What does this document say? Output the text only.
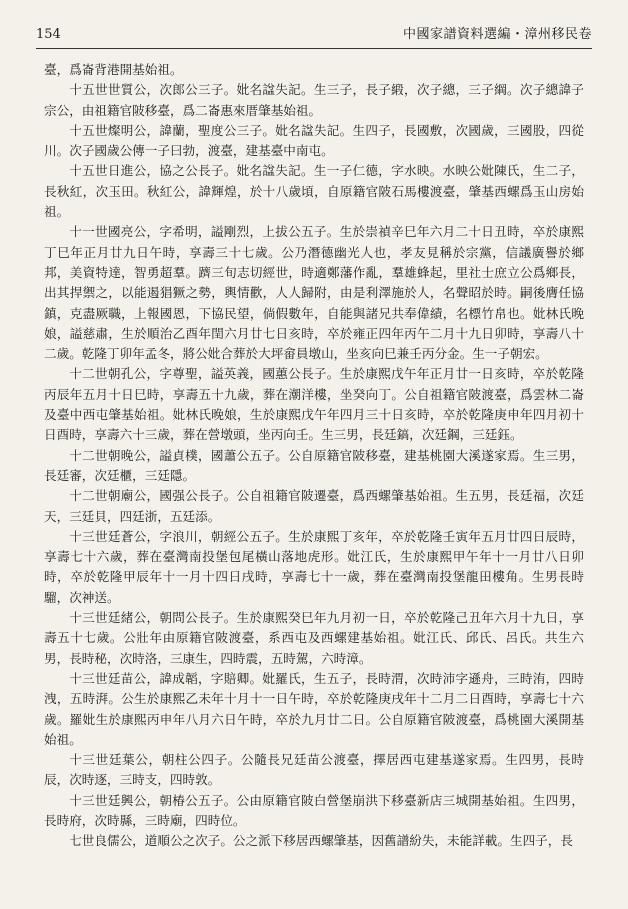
154	中國家譜資料選編・漳州移民卷

臺，爲崙背港開基始祖。

十五世世質公，次郎公三子。妣名諡失記。生三子，長子緞，次子總，三子綱。次子總諱子宗公，由祖籍官陂移臺，爲二崙惠來厝肇基始祖。

十五世燦明公，諱蘭，聖度公三子。妣名諡失記。生四子，長國敷，次國歲，三國股，四從川。次子國歲公傳一子曰勃，渡臺，建基臺中南屯。

十五世日進公，協之公長子。妣名諡失記。生一子仁德，字水映。水映公妣陳氏，生二子，長秋紅，次玉田。秋紅公，諱輝煌，於十八歲頃，自原籍官陂石馬樓渡臺，肇基西螺爲玉山房始祖。

十一世國亮公，字希明，謚剛烈，上拔公五子。生於崇禎辛巳年六月二十日丑時，卒於康熙丁巳年正月廿九日午時，享壽三十七歲。公乃潛德幽光人也，孝友見稱於宗黨，信議廣譽於鄉邦，美資特達，智勇超羣。躋三旬志切經世，時適鄭藩作亂，羣雄蜂起，里社士庶立公爲鄉長，出其捍禦之，以能遏猖獗之勢，輿情歡，人人歸附，由是利澤施於人，名聲昭於時。嗣後膺任協鎮，克盡厥職，上報國恩，下協民望，倘假數年，自能與諸兄共奉偉績，名標竹帛也。妣林氏晚娘，謚慈肅，生於順治乙酉年閏六月廿七日亥時，卒於雍正四年丙午二月十九日卯時，享壽八十二歲。乾隆丁卯年孟冬，將公妣合葬於大坪畲員墩山，坐亥向巳兼壬丙分金。生一子朝宏。

十二世朝孔公，字尊聖，謚英義，國蕙公長子。生於康熙戊午年正月廿一日亥時，卒於乾隆丙辰年五月十日巳時，享壽五十九歲，葬在潮洋樓，坐癸向丁。公自祖籍官陂渡臺，爲雲林二崙及臺中西屯肇基始祖。妣林氏晚娘，生於康熙戊午年四月三十日亥時，卒於乾隆庚申年四月初十日酉時，享壽六十三歲，葬在營墩頭，坐丙向壬。生三男，長廷鎬，次廷鋼，三廷鈺。

十二世朝晚公，謚貞樸，國蕭公五子。公自原籍官陂移臺，建基桃園大溪遂家焉。生三男，長廷審，次廷櫃，三廷隱。

十二世朝廟公，國强公長子。公自祖籍官陂遷臺，爲西螺肇基始祖。生五男，長廷福，次廷天，三廷貝，四廷浙，五廷添。

十三世廷蒼公，字浪川，朝經公五子。生於康熙丁亥年，卒於乾隆壬寅年五月廿四日辰時，享壽七十六歲，葬在臺灣南投堡包尾橫山落地虎形。妣江氏，生於康熙甲午年十一月廿八日卯時，卒於乾隆甲辰年十一月十四日戌時，享壽七十一歲，葬在臺灣南投堡龍田樓角。生男長時騮，次神送。

十三世廷緒公，朝問公長子。生於康熙癸巳年九月初一日，卒於乾隆己丑年六月十九日，享壽五十七歲。公壯年由原籍官陂渡臺，系西屯及西螺建基始祖。妣江氏、邱氏、呂氏。共生六男，長時秘，次時洛，三康生，四時震，五時駕，六時漳。

十三世廷苗公，諱成韜，字賠卿。妣羅氏，生五子，長時渭，次時沛字遜舟，三時洧，四時洩，五時湃。公生於康熙乙未年十月十一日午時，卒於乾隆庚戌年十二月二日酉時，享壽七十六歲。羅妣生於康熙丙申年八月六日午時，卒於九月廿二日。公自原籍官陂渡臺，爲桃園大溪開基始祖。

十三世廷葉公，朝柱公四子。公隨長兄廷苗公渡臺，擇居西屯建基遂家焉。生四男，長時辰，次時逐，三時支，四時敦。

十三世廷興公，朝椿公五子。公由原籍官陂白營堡崩洪下移臺新店三城開基始祖。生四男，長時府，次時縣，三時廟，四時位。

七世良儒公，道順公之次子。公之派下移居西螺肇基，因舊譜紛失，未能詳載。生四子，長
